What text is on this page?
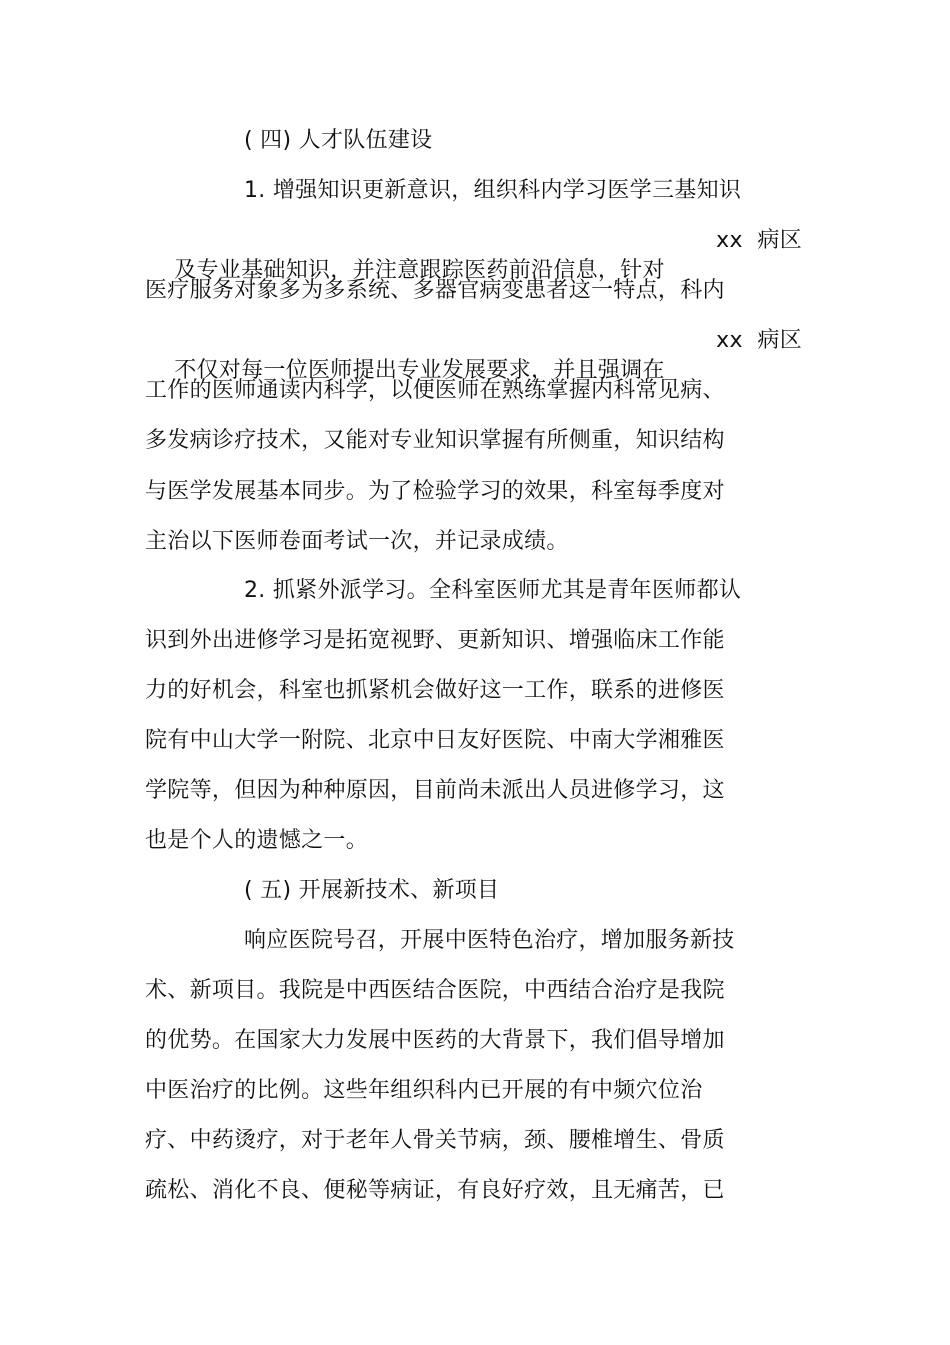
( 四) 人才队伍建设
1. 增强知识更新意识，组织科内学习医学三基知识

及专业基础知识，并注意跟踪医药前沿信息，针对

xx  病区

医疗服务对象多为多系统、多器官病变患者这一特点，科内

不仅对每一位医师提出专业发展要求，并且强调在

xx  病区

工作的医师通读内科学，以便医师在熟练掌握内科常见病、
多发病诊疗技术，又能对专业知识掌握有所侧重，知识结构
与医学发展基本同步。为了检验学习的效果，科室每季度对
主治以下医师卷面考试一次，并记录成绩。
2. 抓紧外派学习。全科室医师尤其是青年医师都认
识到外出进修学习是拓宽视野、更新知识、增强临床工作能
力的好机会，科室也抓紧机会做好这一工作，联系的进修医
院有中山大学一附院、北京中日友好医院、中南大学湘雅医
学院等，但因为种种原因，目前尚未派出人员进修学习，这
也是个人的遗憾之一。
( 五) 开展新技术、新项目
响应医院号召，开展中医特色治疗，增加服务新技
术、新项目。我院是中西医结合医院，中西结合治疗是我院
的优势。在国家大力发展中医药的大背景下，我们倡导增加
中医治疗的比例。这些年组织科内已开展的有中频穴位治
疗、中药烫疗，对于老年人骨关节病，颈、腰椎增生、骨质
疏松、消化不良、便秘等病证，有良好疗效，且无痛苦，已
